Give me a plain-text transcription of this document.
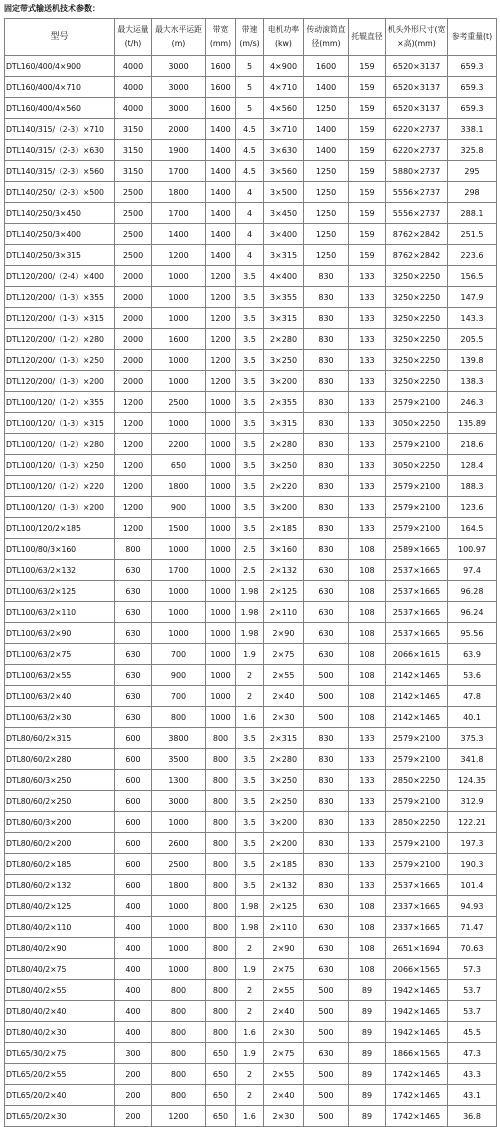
固定带式输送机技术参数：
型号	最大运量(t/h)	最大水平运距(m)	带宽(mm)	带速(m/s)	电机功率(kw)	传动滚筒直径(mm)	托辊直径	机头外形尺寸(宽×高)(mm)	参考重量(t)
DTL160/400/4×900	4000	3000	1600	5	4×900	1600	159	6520×3137	659.3
DTL160/400/4×710	4000	3000	1600	5	4×710	1400	159	6520×3137	659.3
DTL160/400/4×560	4000	3000	1600	5	4×560	1250	159	6520×3137	659.3
DTL140/315/（2-3）×710	3150	2000	1400	4.5	3×710	1400	159	6220×2737	338.1
DTL140/315/（2-3）×630	3150	1900	1400	4.5	3×630	1400	159	6220×2737	325.8
DTL140/315/（2-3）×560	3150	1700	1400	4.5	3×560	1250	159	5880×2737	295
DTL140/250/（2-3）×500	2500	1800	1400	4	3×500	1250	159	5556×2737	298
DTL140/250/3×450	2500	1700	1400	4	3×450	1250	159	5556×2737	288.1
DTL140/250/3×400	2500	1400	1400	4	3×400	1250	159	8762×2842	251.5
DTL140/250/3×315	2500	1200	1400	4	3×315	1250	159	8762×2842	223.6
DTL120/200/（2-4）×400	2000	1000	1200	3.5	4×400	830	133	3250×2250	156.5
DTL120/200/（1-3）×355	2000	1000	1200	3.5	3×355	830	133	3250×2250	147.9
DTL120/200/（1-3）×315	2000	1000	1200	3.5	3×315	830	133	3250×2250	143.3
DTL120/200/（1-2）×280	2000	1600	1200	3.5	2×280	830	133	3250×2250	205.5
DTL120/200/（1-3）×250	2000	1000	1200	3.5	3×250	830	133	3250×2250	139.8
DTL120/200/（1-3）×200	2000	1000	1200	3.5	3×200	830	133	3250×2250	138.3
DTL100/120/（1-2）×355	1200	2500	1000	3.5	2×355	830	133	2579×2100	246.3
DTL100/120/（1-3）×315	1200	1000	1000	3.5	3×315	830	133	3050×2250	135.89
DTL100/120/（1-2）×280	1200	2200	1000	3.5	2×280	830	133	2579×2100	218.6
DTL100/120/（1-3）×250	1200	650	1000	3.5	3×250	830	133	3050×2250	128.4
DTL100/120/（1-2）×220	1200	1800	1000	3.5	2×220	830	133	2579×2100	188.3
DTL100/120/（1-3）×200	1200	900	1000	3.5	3×200	830	133	2579×2100	123.6
DTL100/120/2×185	1200	1500	1000	3.5	2×185	830	133	2579×2100	164.5
DTL100/80/3×160	800	1000	1000	2.5	3×160	830	108	2589×1665	100.97
DTL100/63/2×132	630	1700	1000	2.5	2×132	630	108	2537×1665	97.4
DTL100/63/2×125	630	1000	1000	1.98	2×125	630	108	2537×1665	96.28
DTL100/63/2×110	630	1000	1000	1.98	2×110	630	108	2537×1665	96.24
DTL100/63/2×90	630	1000	1000	1.98	2×90	630	108	2537×1665	95.56
DTL100/63/2×75	630	700	1000	1.9	2×75	630	108	2066×1615	63.9
DTL100/63/2×55	630	900	1000	2	2×55	500	108	2142×1465	53.6
DTL100/63/2×40	630	700	1000	2	2×40	500	108	2142×1465	47.8
DTL100/63/2×30	630	800	1000	1.6	2×30	500	108	2142×1465	40.1
DTL80/60/2×315	600	3800	800	3.5	2×315	830	133	2579×2100	375.3
DTL80/60/2×280	600	3500	800	3.5	2×280	830	133	2579×2100	341.8
DTL80/60/3×250	600	1300	800	3.5	3×250	830	133	2850×2250	124.35
DTL80/60/2×250	600	3000	800	3.5	2×250	830	133	2579×2100	312.9
DTL80/60/3×200	600	1000	800	3.5	3×200	830	133	2850×2250	122.21
DTL80/60/2×200	600	2600	800	3.5	2×200	830	133	2579×2100	197.3
DTL80/60/2×185	600	2500	800	3.5	2×185	830	133	2579×2100	190.3
DTL80/60/2×132	600	1800	800	3.5	2×132	830	133	2537×1665	101.4
DTL80/40/2×125	400	1000	800	1.98	2×125	630	108	2337×1665	94.93
DTL80/40/2×110	400	1000	800	1.98	2×110	630	108	2337×1665	71.47
DTL80/40/2×90	400	1000	800	2	2×90	630	108	2651×1694	70.63
DTL80/40/2×75	400	1000	800	1.9	2×75	630	108	2066×1565	57.3
DTL80/40/2×55	400	800	800	2	2×55	500	89	1942×1465	53.7
DTL80/40/2×40	400	800	800	2	2×40	500	89	1942×1465	53.7
DTL80/40/2×30	400	800	800	1.6	2×30	500	89	1942×1465	45.5
DTL65/30/2×75	300	800	650	1.9	2×75	630	89	1866×1565	47.3
DTL65/20/2×55	200	800	650	2	2×55	500	89	1742×1465	43.3
DTL65/20/2×40	200	800	650	2	2×40	500	89	1742×1465	43.1
DTL65/20/2×30	200	1200	650	1.6	2×30	500	89	1742×1465	36.8
